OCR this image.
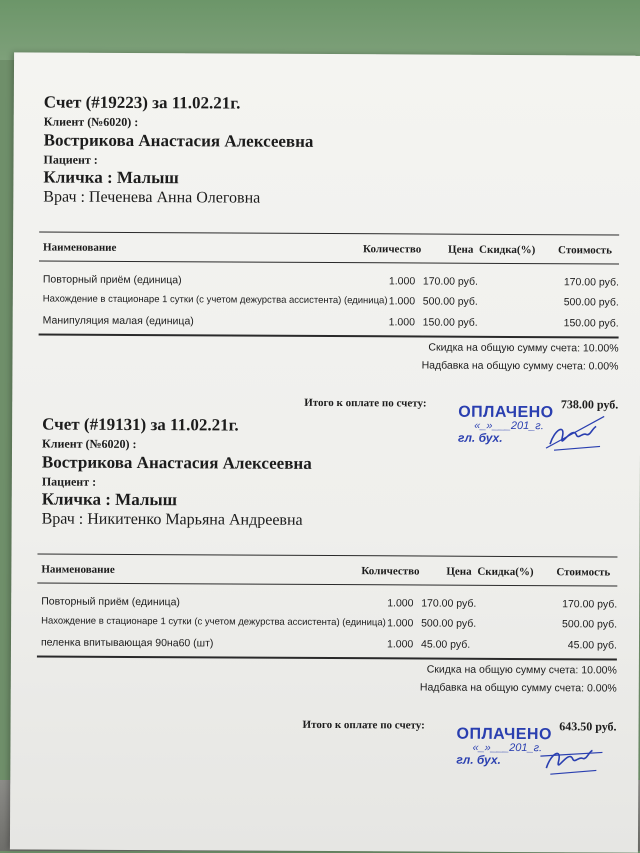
Счет (#19223) за 11.02.21г.
Клиент (№6020) :
Вострикова Анастасия Алексеевна
Пациент :
Кличка : Малыш
Врач : Печенева Анна Олеговна
Наименование	Количество Цена Скидка(%) Стоимость
Повторный приём (единица)	1.000 170.00 руб.	170.00 руб.
Нахождение в стационаре 1 сутки (с учетом дежурства ассистента) (единица) 1.000 500.00 руб.	500.00 руб.
Манипуляция малая (единица)	1.000 150.00 руб.	150.00 руб.
Скидка на общую сумму счета: 10.00%
Надбавка на общую сумму счета: 0.00%
Итого к оплате по счету:	738.00 руб.
ОПЛАЧЕНО
«_»___201_г.
гл. бух.
Счет (#19131) за 11.02.21г.
Клиент (№6020) :
Вострикова Анастасия Алексеевна
Пациент :
Кличка : Малыш
Врач : Никитенко Марьяна Андреевна
Наименование	Количество Цена Скидка(%) Стоимость
Повторный приём (единица)	1.000 170.00 руб.	170.00 руб.
Нахождение в стационаре 1 сутки (с учетом дежурства ассистента) (единица) 1.000 500.00 руб.	500.00 руб.
пеленка впитывающая 90на60 (шт)	1.000 45.00 руб.	45.00 руб.
Скидка на общую сумму счета: 10.00%
Надбавка на общую сумму счета: 0.00%
Итого к оплате по счету:	643.50 руб.
ОПЛАЧЕНО
«_»___201_г.
гл. бух.
